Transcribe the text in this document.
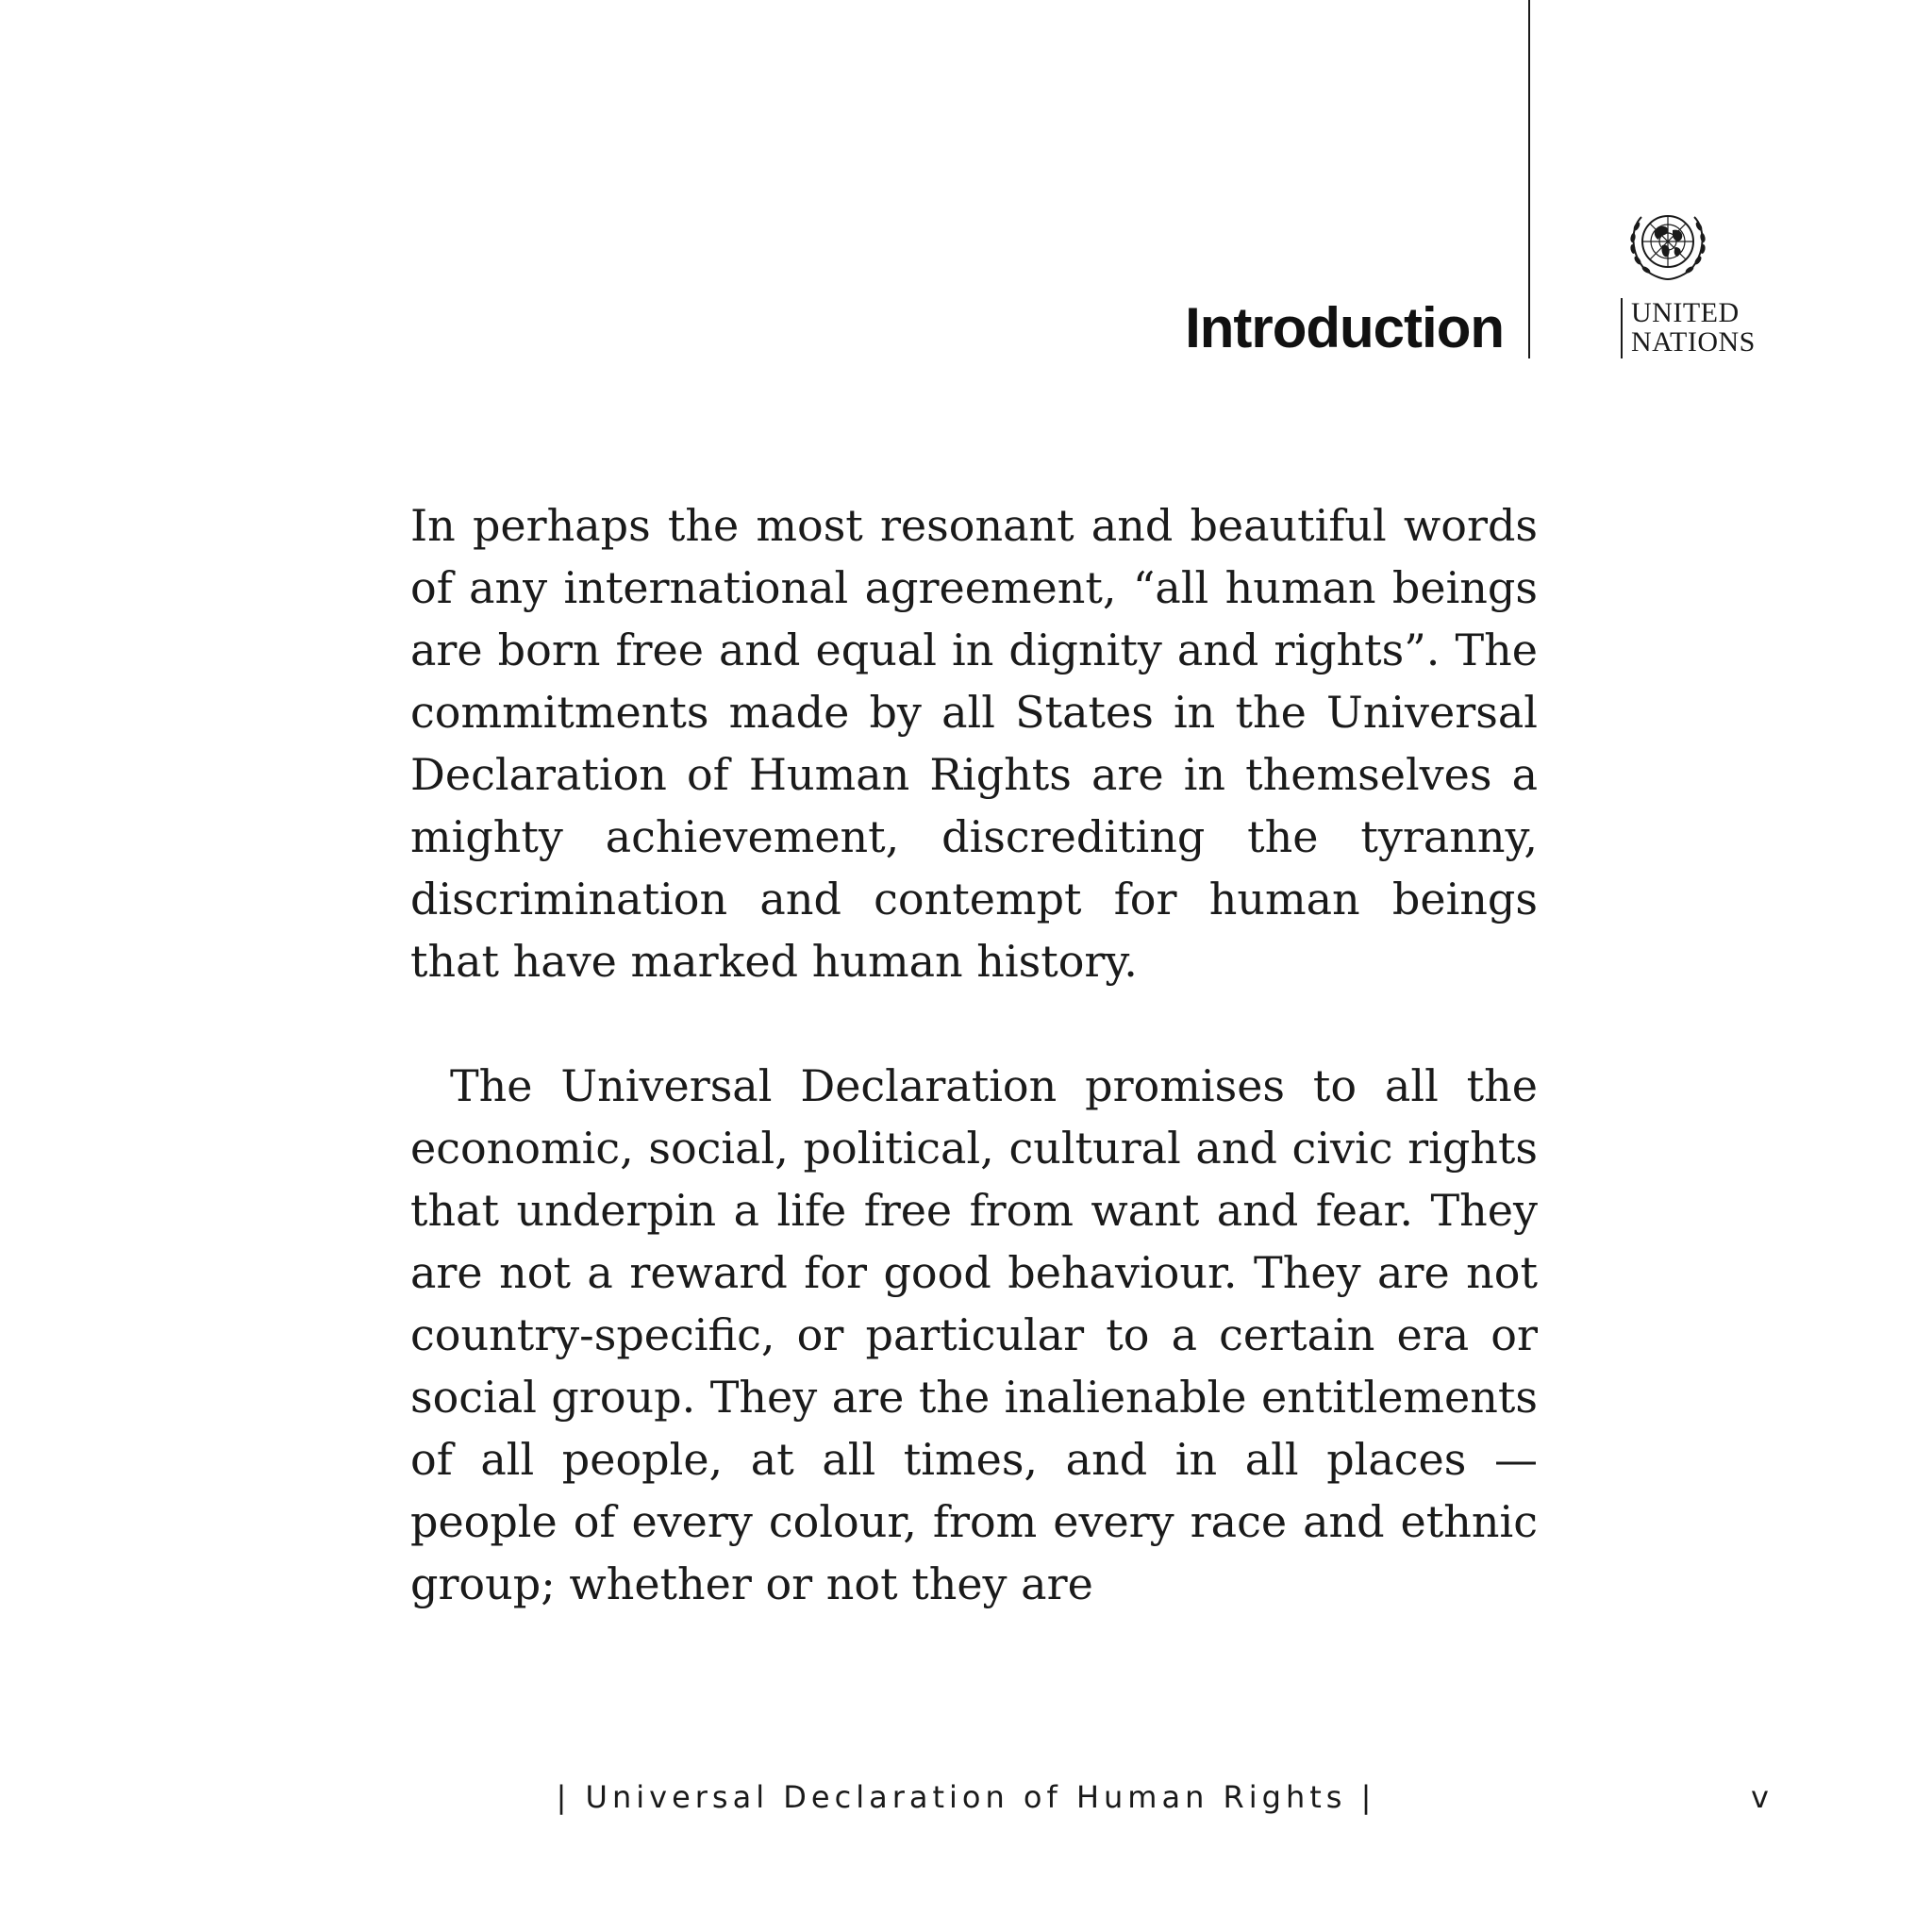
Introduction	UNITED
NATIONS

In perhaps the most resonant and beautiful words of any international agreement, “all human beings are born free and equal in dignity and rights”. The commitments made by all States in the Universal Declaration of Human Rights are in themselves a mighty achievement, discrediting the tyranny, discrimination and contempt for human beings that have marked human history.

The Universal Declaration promises to all the economic, social, political, cultural and civic rights that underpin a life free from want and fear. They are not a reward for good behaviour. They are not country-specific, or particular to a certain era or social group. They are the inalienable entitlements of all people, at all times, and in all places — people of every colour, from every race and ethnic group; whether or not they are

| Universal Declaration of Human Rights |	v
